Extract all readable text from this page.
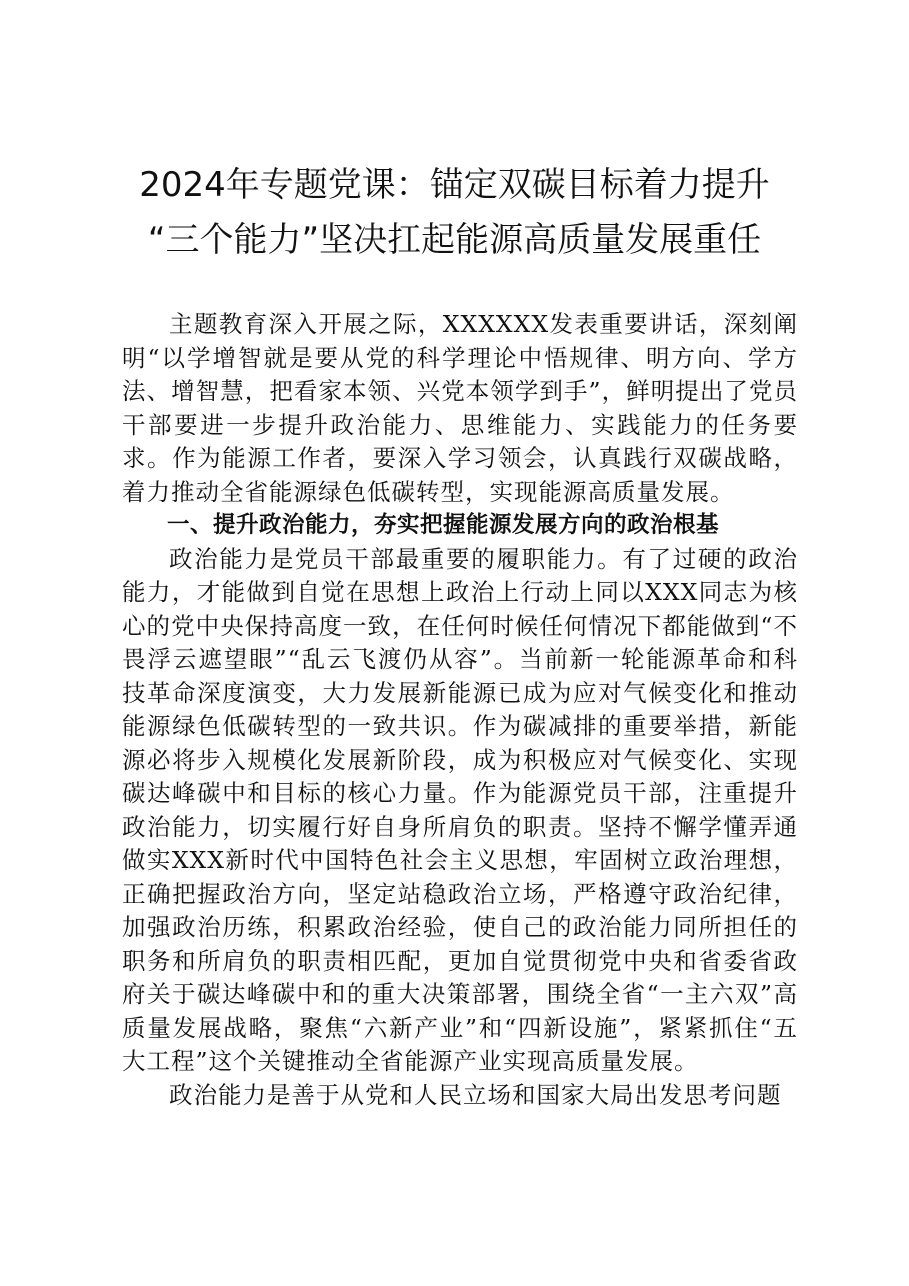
2024年专题党课：锚定双碳目标着力提升
“三个能力”坚决扛起能源高质量发展重任

主题教育深入开展之际，XXXXXX发表重要讲话，深刻阐明“以学增智就是要从党的科学理论中悟规律、明方向、学方法、增智慧，把看家本领、兴党本领学到手”，鲜明提出了党员干部要进一步提升政治能力、思维能力、实践能力的任务要求。作为能源工作者，要深入学习领会，认真践行双碳战略，着力推动全省能源绿色低碳转型，实现能源高质量发展。

一、提升政治能力，夯实把握能源发展方向的政治根基

政治能力是党员干部最重要的履职能力。有了过硬的政治能力，才能做到自觉在思想上政治上行动上同以XXX同志为核心的党中央保持高度一致，在任何时候任何情况下都能做到“不畏浮云遮望眼”“乱云飞渡仍从容”。当前新一轮能源革命和科技革命深度演变，大力发展新能源已成为应对气候变化和推动能源绿色低碳转型的一致共识。作为碳减排的重要举措，新能源必将步入规模化发展新阶段，成为积极应对气候变化、实现碳达峰碳中和目标的核心力量。作为能源党员干部，注重提升政治能力，切实履行好自身所肩负的职责。坚持不懈学懂弄通做实XXX新时代中国特色社会主义思想，牢固树立政治理想，正确把握政治方向，坚定站稳政治立场，严格遵守政治纪律，加强政治历练，积累政治经验，使自己的政治能力同所担任的职务和所肩负的职责相匹配，更加自觉贯彻党中央和省委省政府关于碳达峰碳中和的重大决策部署，围绕全省“一主六双”高质量发展战略，聚焦“六新产业”和“四新设施”，紧紧抓住“五大工程”这个关键推动全省能源产业实现高质量发展。

政治能力是善于从党和人民立场和国家大局出发思考问题
